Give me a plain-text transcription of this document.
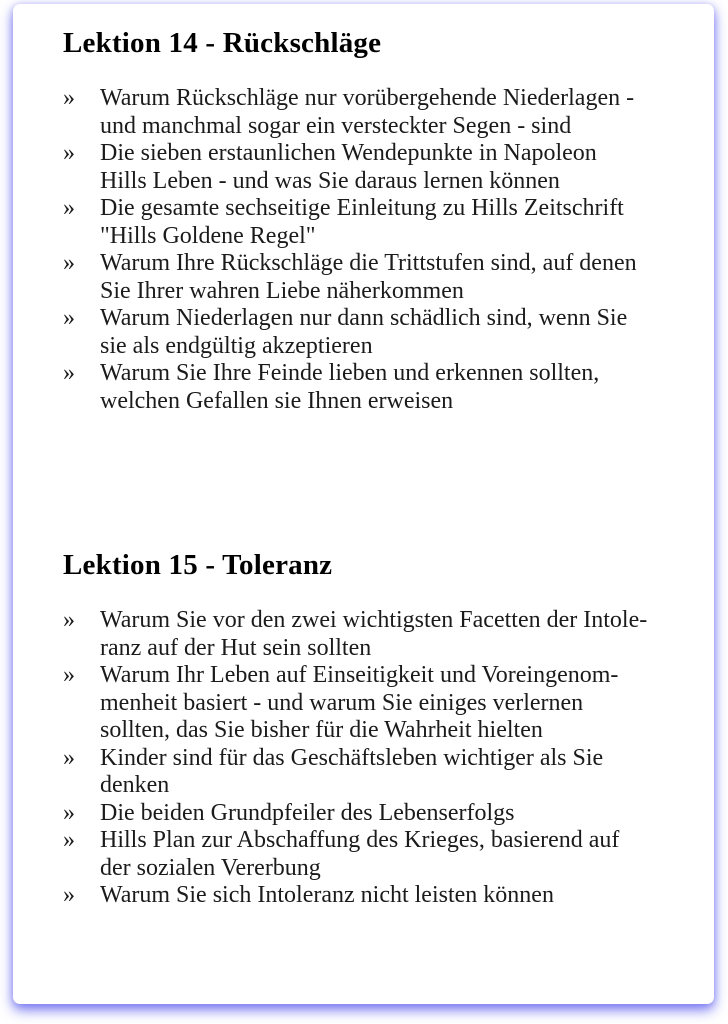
Lektion 14 - Rückschläge
»	Warum Rückschläge nur vorübergehende Niederlagen -
und manchmal sogar ein versteckter Segen - sind
»	Die sieben erstaunlichen Wendepunkte in Napoleon
Hills Leben - und was Sie daraus lernen können
»	Die gesamte sechseitige Einleitung zu Hills Zeitschrift
"Hills Goldene Regel"
»	Warum Ihre Rückschläge die Trittstufen sind, auf denen
Sie Ihrer wahren Liebe näherkommen
»	Warum Niederlagen nur dann schädlich sind, wenn Sie
sie als endgültig akzeptieren
»	Warum Sie Ihre Feinde lieben und erkennen sollten,
welchen Gefallen sie Ihnen erweisen
Lektion 15 - Toleranz
»	Warum Sie vor den zwei wichtigsten Facetten der Intole-
ranz auf der Hut sein sollten
»	Warum Ihr Leben auf Einseitigkeit und Voreingenom-
menheit basiert - und warum Sie einiges verlernen
sollten, das Sie bisher für die Wahrheit hielten
»	Kinder sind für das Geschäftsleben wichtiger als Sie
denken
»	Die beiden Grundpfeiler des Lebenserfolgs
»	Hills Plan zur Abschaffung des Krieges, basierend auf
der sozialen Vererbung
»	Warum Sie sich Intoleranz nicht leisten können
